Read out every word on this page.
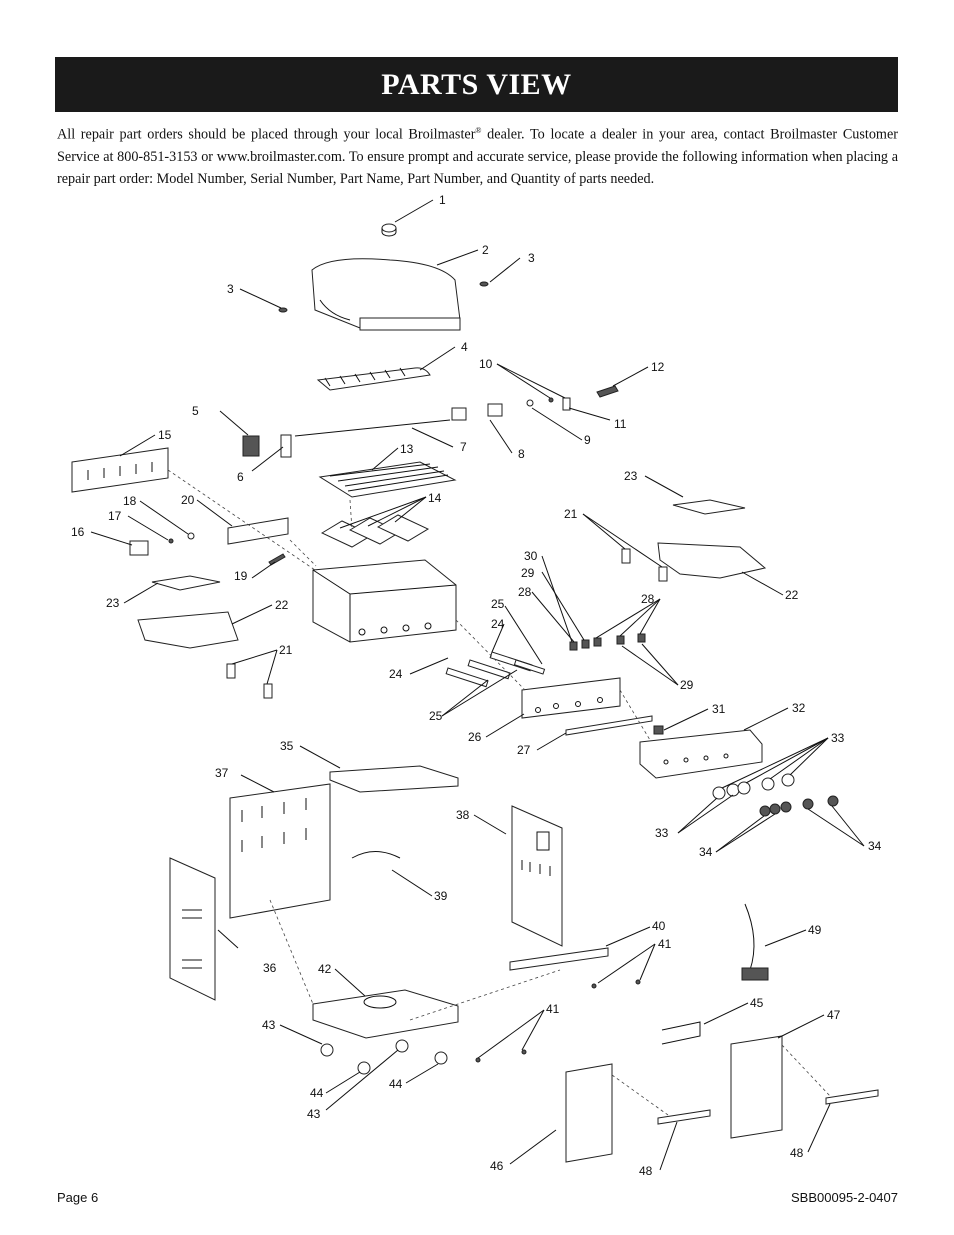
PARTS VIEW
All repair part orders should be placed through your local Broilmaster® dealer. To locate a dealer in your area, contact Broilmaster Customer Service at 800-851-3153 or www.broilmaster.com. To ensure prompt and accurate service, please provide the following information when placing a repair part order: Model Number, Serial Number, Part Name, Part Number, and Quantity of parts needed.
1
2
3
3
4
5
6
7	8
9
10
11
12
13
14
15
16
17
18
19
20
21
21
22
22
23
23
24
24
25
25
26
27
28	28
29
29
30
31	32
33
33
34	34
35
36
37
38
39
40
41
41
42
43
43
44
44
45
46
47
48
48
49
Page 6	SBB00095-2-0407
